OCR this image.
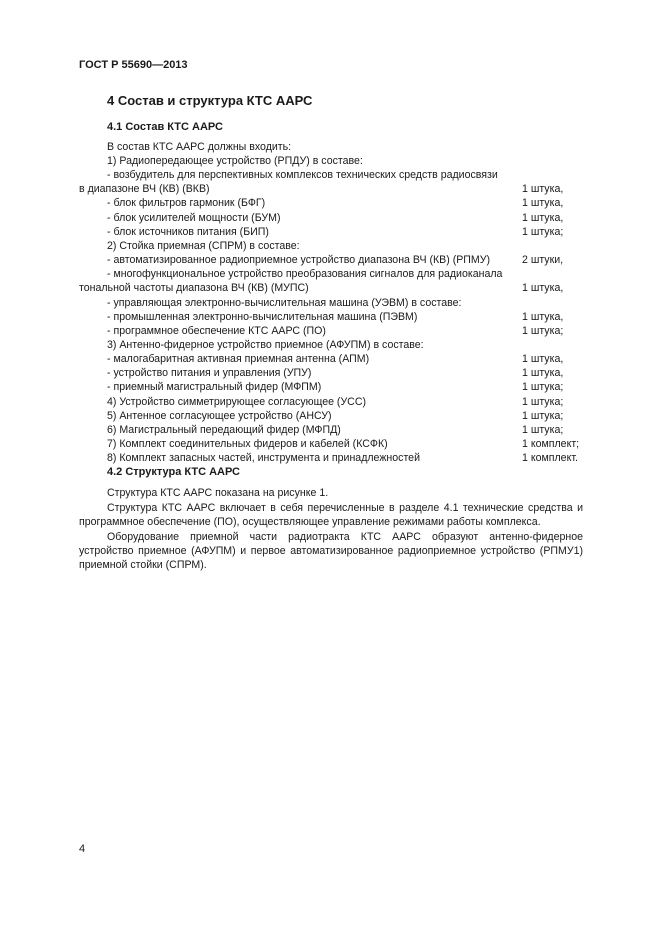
ГОСТ Р 55690—2013
4 Состав и структура КТС ААРС
4.1 Состав КТС ААРС
В состав КТС ААРС должны входить:
1) Радиопередающее устройство (РПДУ) в составе:
- возбудитель для перспективных комплексов технических средств радиосвязи
в диапазоне ВЧ (КВ) (ВКВ)	1 штука,
- блок фильтров гармоник (БФГ)	1 штука,
- блок усилителей мощности (БУМ)	1 штука,
- блок источников питания (БИП)	1 штука;
2) Стойка приемная (СПРМ) в составе:
- автоматизированное радиоприемное устройство диапазона ВЧ (КВ) (РПМУ)	2 штуки,
- многофункциональное устройство преобразования сигналов для радиоканала
тональной частоты диапазона ВЧ (КВ) (МУПС)	1 штука,
- управляющая электронно-вычислительная машина (УЭВМ) в составе:
- промышленная электронно-вычислительная машина (ПЭВМ)	1 штука,
- программное обеспечение КТС ААРС (ПО)	1 штука;
3) Антенно-фидерное устройство приемное (АФУПМ) в составе:
- малогабаритная активная приемная антенна (АПМ)	1 штука,
- устройство питания и управления (УПУ)	1 штука,
- приемный магистральный фидер (МФПМ)	1 штука;
4) Устройство симметрирующее согласующее (УСС)	1 штука;
5) Антенное согласующее устройство (АНСУ)	1 штука;
6) Магистральный передающий фидер (МФПД)	1 штука;
7) Комплект соединительных фидеров и кабелей (КСФК)	1 комплект;
8) Комплект запасных частей, инструмента и принадлежностей	1 комплект.
4.2 Структура КТС ААРС
Структура КТС ААРС показана на рисунке 1.
Структура КТС ААРС включает в себя перечисленные в разделе 4.1 технические средства и программное обеспечение (ПО), осуществляющее управление режимами работы комплекса.
Оборудование приемной части радиотракта КТС ААРС образуют антенно-фидерное устройство приемное (АФУПМ) и первое автоматизированное радиоприемное устройство (РПМУ1) приемной стойки (СПРМ).
4
